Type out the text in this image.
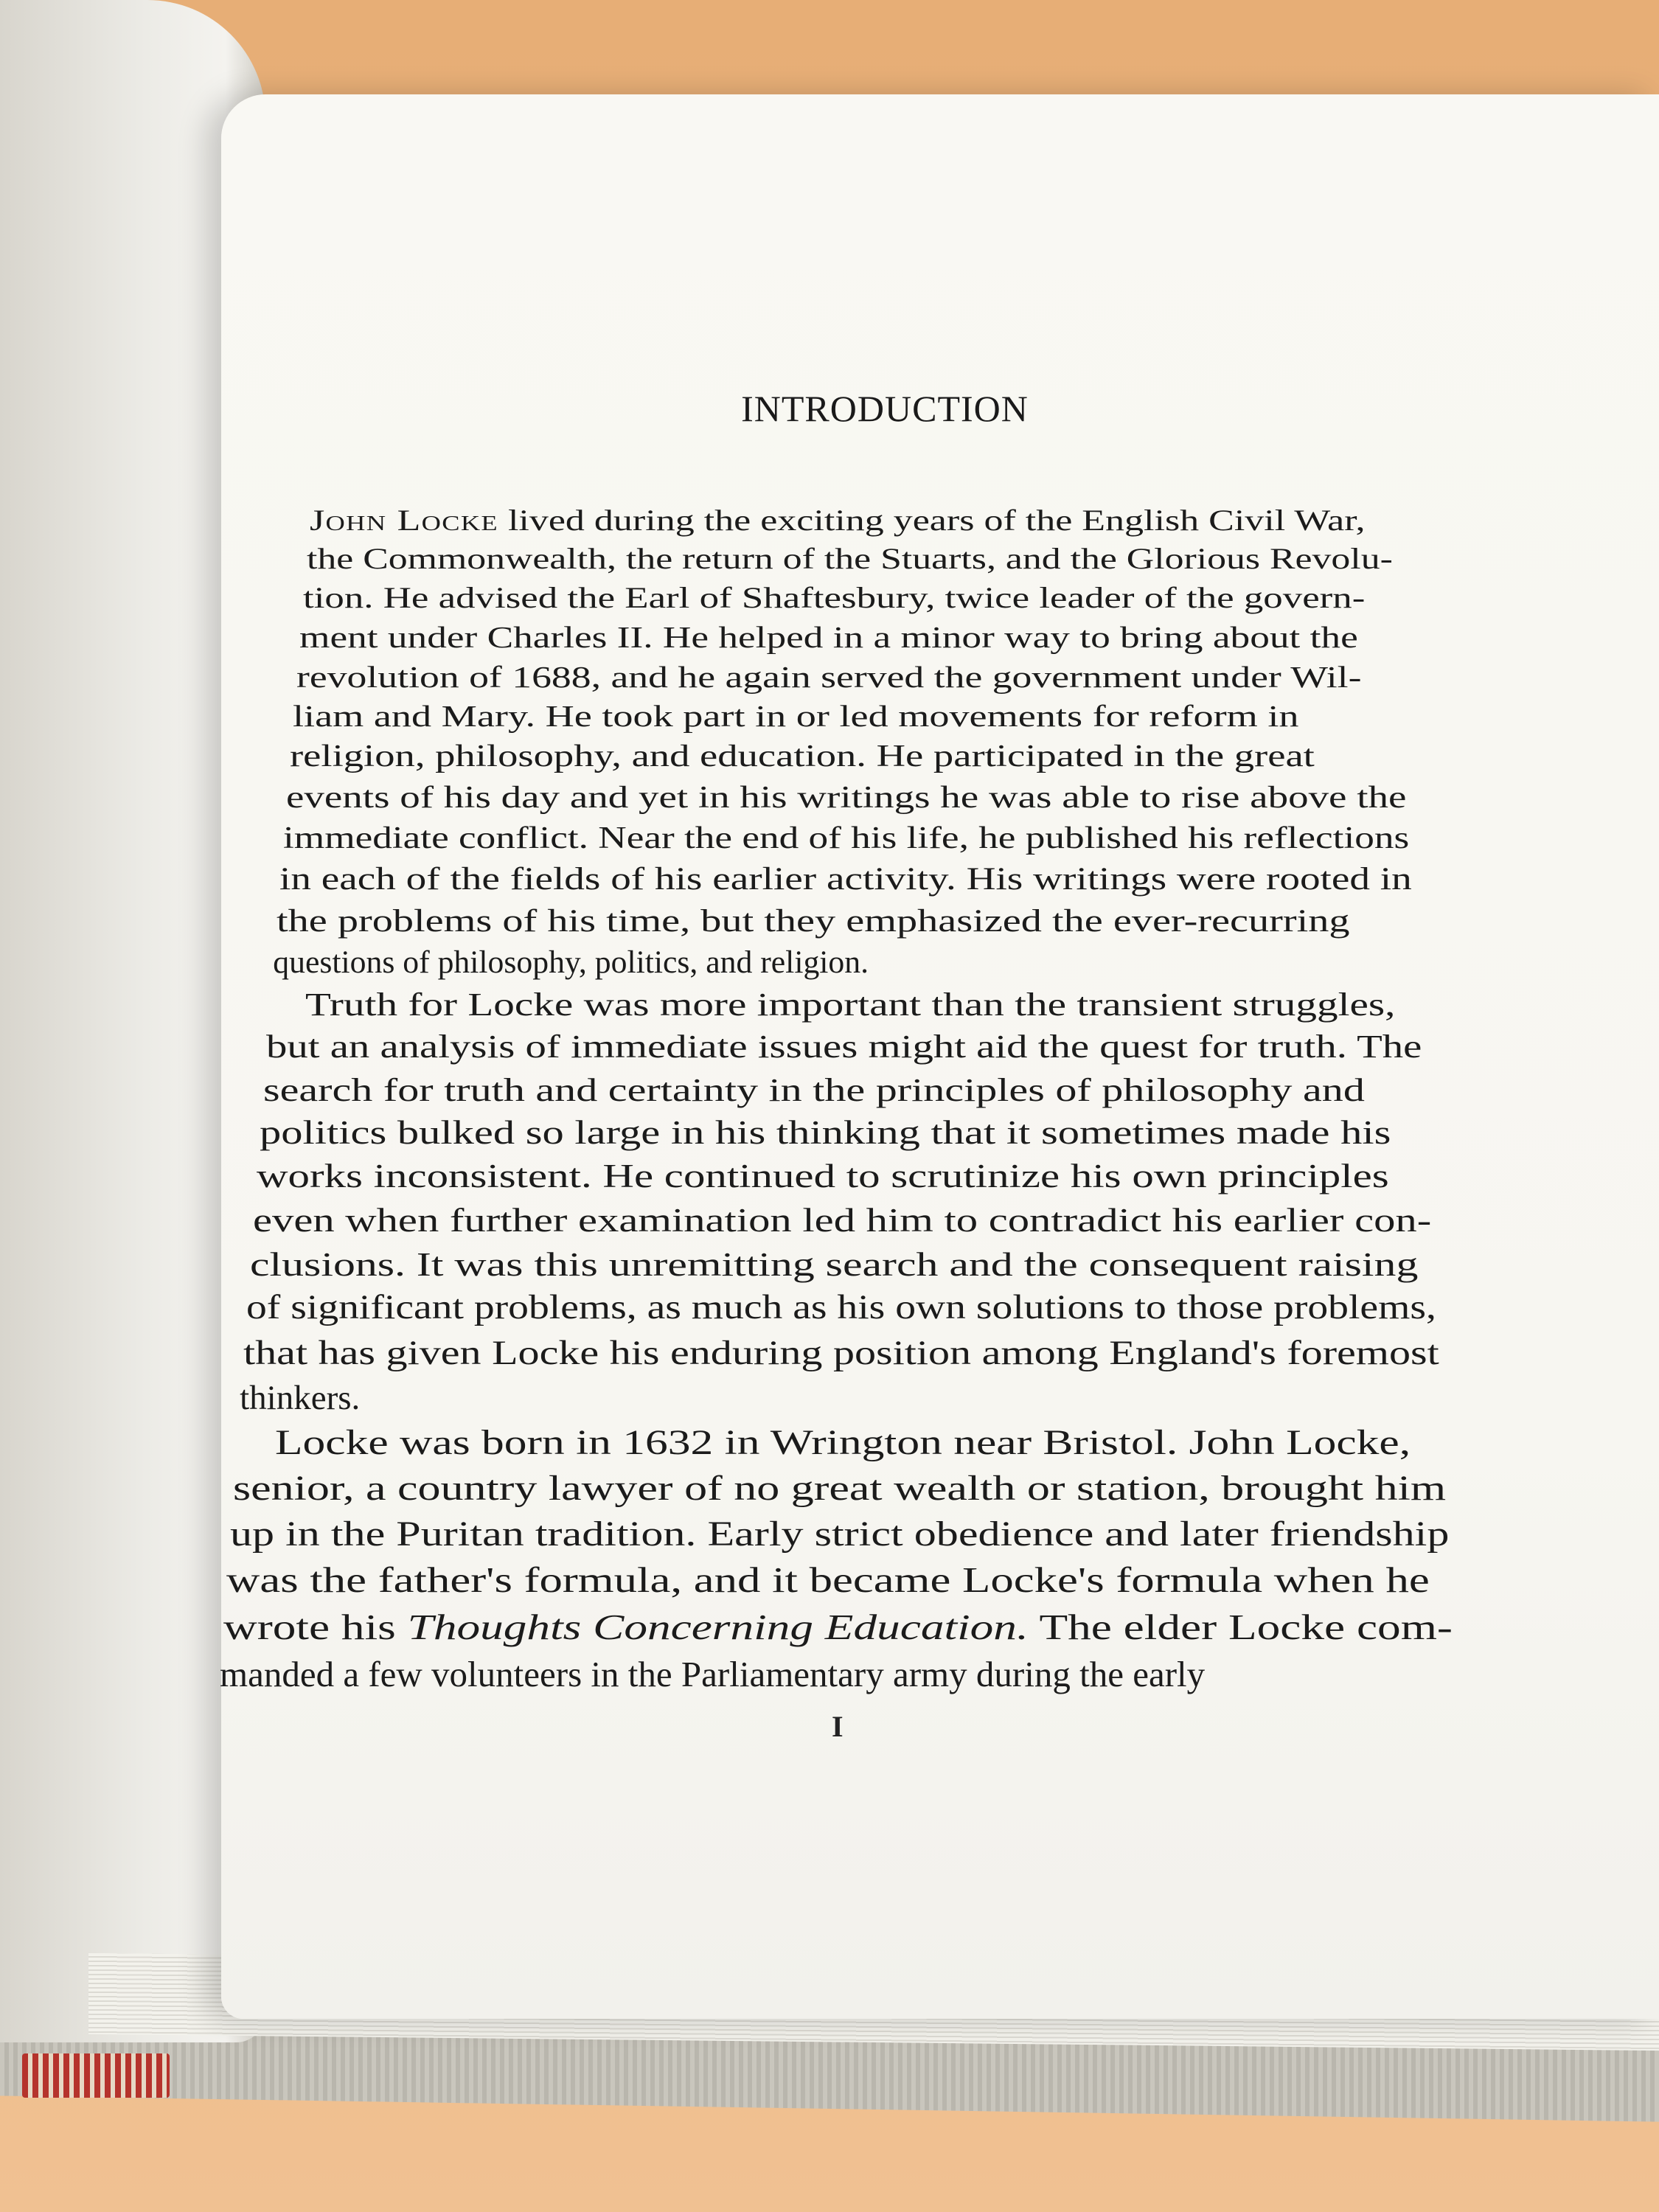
​

INTRODUCTION
John Locke lived during the exciting years of the English Civil War,
the Commonwealth, the return of the Stuarts, and the Glorious Revolu-
tion. He advised the Earl of Shaftesbury, twice leader of the govern-
ment under Charles II. He helped in a minor way to bring about the
revolution of 1688, and he again served the government under Wil-
liam and Mary. He took part in or led movements for reform in
religion, philosophy, and education. He participated in the great
events of his day and yet in his writings he was able to rise above the
immediate conflict. Near the end of his life, he published his reflections
in each of the fields of his earlier activity. His writings were rooted in
the problems of his time, but they emphasized the ever-recurring
questions of philosophy, politics, and religion.
Truth for Locke was more important than the transient struggles,
but an analysis of immediate issues might aid the quest for truth. The
search for truth and certainty in the principles of philosophy and
politics bulked so large in his thinking that it sometimes made his
works inconsistent. He continued to scrutinize his own principles
even when further examination led him to contradict his earlier con-
clusions. It was this unremitting search and the consequent raising
of significant problems, as much as his own solutions to those problems,
that has given Locke his enduring position among England's foremost
thinkers.
Locke was born in 1632 in Wrington near Bristol. John Locke,
senior, a country lawyer of no great wealth or station, brought him
up in the Puritan tradition. Early strict obedience and later friendship
was the father's formula, and it became Locke's formula when he
wrote his Thoughts Concerning Education. The elder Locke com-
manded a few volunteers in the Parliamentary army during the early
I
